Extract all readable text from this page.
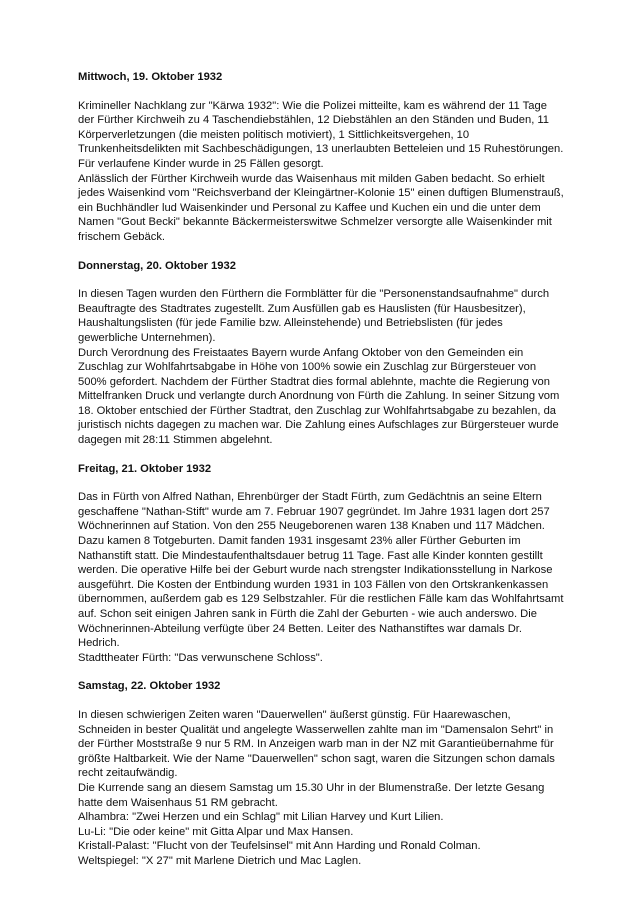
Mittwoch, 19. Oktober 1932

Krimineller Nachklang zur "Kärwa 1932": Wie die Polizei mitteilte, kam es während der 11 Tage der Fürther Kirchweih zu 4 Taschendiebstählen, 12 Diebstählen an den Ständen und Buden, 11 Körperverletzungen (die meisten politisch motiviert), 1 Sittlichkeitsvergehen, 10 Trunkenheitsdelikten mit Sachbeschädigungen, 13 unerlaubten Betteleien und 15 Ruhestörungen. Für verlaufene Kinder wurde in 25 Fällen gesorgt.

Anlässlich der Fürther Kirchweih wurde das Waisenhaus mit milden Gaben bedacht. So erhielt jedes Waisenkind vom "Reichsverband der Kleingärtner-Kolonie 15" einen duftigen Blumenstrauß, ein Buchhändler lud Waisenkinder und Personal zu Kaffee und Kuchen ein und die unter dem Namen "Gout Becki" bekannte Bäckermeisterswitwe Schmelzer versorgte alle Waisenkinder mit frischem Gebäck.

Donnerstag, 20. Oktober 1932

In diesen Tagen wurden den Fürthern die Formblätter für die "Personenstandsaufnahme" durch Beauftragte des Stadtrates zugestellt. Zum Ausfüllen gab es Hauslisten (für Hausbesitzer), Haushaltungslisten (für jede Familie bzw. Alleinstehende) und Betriebslisten (für jedes gewerbliche Unternehmen).

Durch Verordnung des Freistaates Bayern wurde Anfang Oktober von den Gemeinden ein Zuschlag zur Wohlfahrtsabgabe in Höhe von 100% sowie ein Zuschlag zur Bürgersteuer von 500% gefordert. Nachdem der Fürther Stadtrat dies formal ablehnte, machte die Regierung von Mittelfranken Druck und verlangte durch Anordnung von Fürth die Zahlung. In seiner Sitzung vom 18. Oktober entschied der Fürther Stadtrat, den Zuschlag zur Wohlfahrtsabgabe zu bezahlen, da juristisch nichts dagegen zu machen war. Die Zahlung eines Aufschlages zur Bürgersteuer wurde dagegen mit 28:11 Stimmen abgelehnt.

Freitag, 21. Oktober 1932

Das in Fürth von Alfred Nathan, Ehrenbürger der Stadt Fürth, zum Gedächtnis an seine Eltern geschaffene "Nathan-Stift" wurde am 7. Februar 1907 gegründet. Im Jahre 1931 lagen dort 257 Wöchnerinnen auf Station. Von den 255 Neugeborenen waren 138 Knaben und 117 Mädchen. Dazu kamen 8 Totgeburten. Damit fanden 1931 insgesamt 23% aller Fürther Geburten im Nathanstift statt. Die Mindestaufenthaltsdauer betrug 11 Tage. Fast alle Kinder konnten gestillt werden. Die operative Hilfe bei der Geburt wurde nach strengster Indikationsstellung in Narkose ausgeführt. Die Kosten der Entbindung wurden 1931 in 103 Fällen von den Ortskrankenkassen übernommen, außerdem gab es 129 Selbstzahler. Für die restlichen Fälle kam das Wohlfahrtsamt auf. Schon seit einigen Jahren sank in Fürth die Zahl der Geburten - wie auch anderswo. Die Wöchnerinnen-Abteilung verfügte über 24 Betten. Leiter des Nathanstiftes war damals Dr. Hedrich.

Stadttheater Fürth: "Das verwunschene Schloss".

Samstag, 22. Oktober 1932

In diesen schwierigen Zeiten waren "Dauerwellen" äußerst günstig. Für Haarewaschen, Schneiden in bester Qualität und angelegte Wasserwellen zahlte man im "Damensalon Sehrt" in der Fürther Moststraße 9 nur 5 RM. In Anzeigen warb man in der NZ mit Garantieübernahme für größte Haltbarkeit. Wie der Name "Dauerwellen" schon sagt, waren die Sitzungen schon damals recht zeitaufwändig.

Die Kurrende sang an diesem Samstag um 15.30 Uhr in der Blumenstraße. Der letzte Gesang hatte dem Waisenhaus 51 RM gebracht.

Alhambra: "Zwei Herzen und ein Schlag" mit Lilian Harvey und Kurt Lilien.

Lu-Li: "Die oder keine" mit Gitta Alpar und Max Hansen.

Kristall-Palast: "Flucht von der Teufelsinsel" mit Ann Harding und Ronald Colman.

Weltspiegel: "X 27" mit Marlene Dietrich und Mac Laglen.
